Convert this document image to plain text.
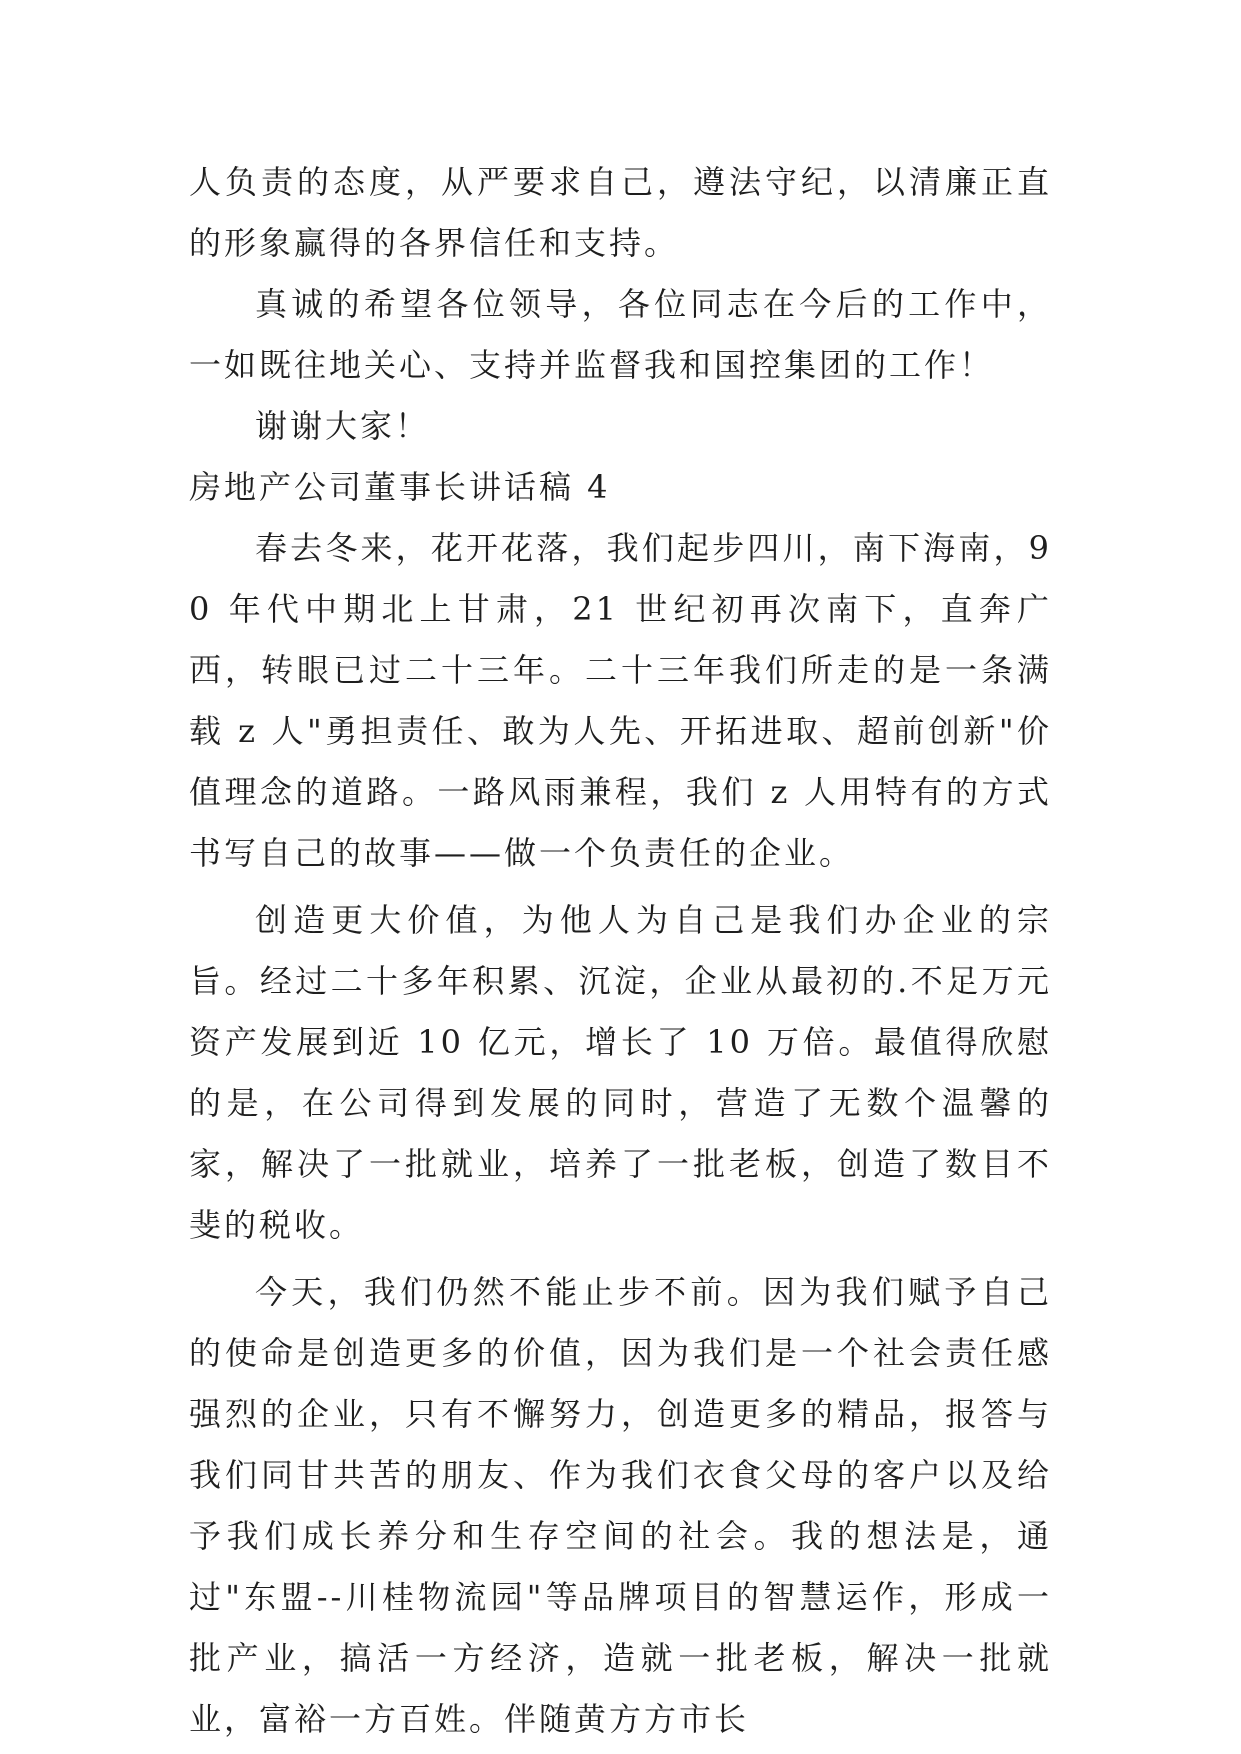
人负责的态度，从严要求自己，遵法守纪，以清廉正直的形象赢得的各界信任和支持。

真诚的希望各位领导，各位同志在今后的工作中，一如既往地关心、支持并监督我和国控集团的工作！

谢谢大家！

房地产公司董事长讲话稿 4

春去冬来，花开花落，我们起步四川，南下海南，90 年代中期北上甘肃，21 世纪初再次南下，直奔广西，转眼已过二十三年。二十三年我们所走的是一条满载 z 人"勇担责任、敢为人先、开拓进取、超前创新"价值理念的道路。一路风雨兼程，我们 z 人用特有的方式书写自己的故事——做一个负责任的企业。

创造更大价值，为他人为自己是我们办企业的宗旨。经过二十多年积累、沉淀，企业从最初的.不足万元资产发展到近 10 亿元，增长了 10 万倍。最值得欣慰的是，在公司得到发展的同时，营造了无数个温馨的家，解决了一批就业，培养了一批老板，创造了数目不斐的税收。

今天，我们仍然不能止步不前。因为我们赋予自己的使命是创造更多的价值，因为我们是一个社会责任感强烈的企业，只有不懈努力，创造更多的精品，报答与我们同甘共苦的朋友、作为我们衣食父母的客户以及给予我们成长养分和生存空间的社会。我的想法是，通过"东盟--川桂物流园"等品牌项目的智慧运作，形成一批产业，搞活一方经济，造就一批老板，解决一批就业，富裕一方百姓。伴随黄方方市长
